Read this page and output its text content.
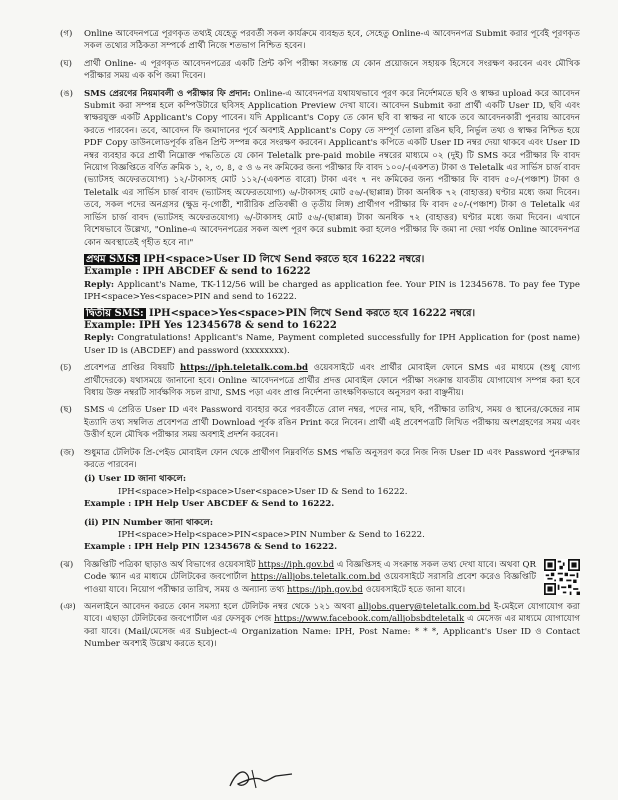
(গ)	Online আবেদনপত্রে পূরণকৃত তথ্যই যেহেতু পরবর্তী সকল কার্যক্রমে ব্যবহৃত হবে, সেহেতু Online-এ আবেদনপত্র Submit করার পূর্বেই পূরণকৃত সকল তথ্যের সঠিকতা সম্পর্কে প্রার্থী নিজে শতভাগ নিশ্চিত হবেন।

(ঘ)	প্রার্থী Online- এ পূরণকৃত আবেদনপত্রের একটি প্রিন্ট কপি পরীক্ষা সংক্রান্ত যে কোন প্রয়োজনে সহায়ক হিসেবে সংরক্ষণ করবেন এবং মৌখিক পরীক্ষার সময় এক কপি জমা দিবেন।

(ঙ)	SMS প্রেরণের নিয়মাবলী ও পরীক্ষার ফি প্রদান: Online-এ আবেদনপত্র যথাযথভাবে পূরণ করে নির্দেশমতে ছবি ও স্বাক্ষর upload করে আবেদন Submit করা সম্পন্ন হলে কম্পিউটারে ছবিসহ Application Preview দেখা যাবে। আবেদন Submit করা প্রার্থী একটি User ID, ছবি এবং স্বাক্ষরযুক্ত একটি Applicant's Copy পাবেন। যদি Applicant's Copy তে কোন ছবি বা স্বাক্ষর না থাকে তবে আবেদনকারী পুনরায় আবেদন করতে পারবেন। তবে, আবেদন ফি জমাদানের পূর্বে অবশ্যই Applicant's Copy তে সম্পূর্ণ তোলা রঙিন ছবি, নির্ভুল তথ্য ও স্বাক্ষর নিশ্চিত হয়ে PDF Copy ডাউনলোডপূর্বক রঙিন প্রিন্ট সম্পন্ন করে সংরক্ষণ করবেন। Applicant's কপিতে একটি User ID নম্বর দেয়া থাকবে এবং User ID নম্বর ব্যবহার করে প্রার্থী নিম্নোক্ত পদ্ধতিতে যে কোন Teletalk pre-paid mobile নম্বরের মাধ্যমে ০২ (দুই) টি SMS করে পরীক্ষার ফি বাবদ নিয়োগ বিজ্ঞপ্তিতে বর্ণিত ক্রমিক ১, ২, ৩, ৪, ৫ ও ৬ নং ক্রমিকের জন্য পরীক্ষার ফি বাবদ ১০০/-(একশত) টাকা ও Teletalk এর সার্ভিস চার্জ বাবদ (ভ্যাটসহ অফেরতযোগ্য) ১২/-টাকাসহ মোট ১১২/-(একশত বারো) টাকা এবং ৭ নং ক্রমিকের জন্য পরীক্ষার ফি বাবদ ৫০/-(পঞ্চাশ) টাকা ও Teletalk এর সার্ভিস চার্জ বাবদ (ভ্যাটসহ অফেরতযোগ্য) ৬/-টাকাসহ মোট ৫৬/-(ছাপ্পান্ন) টাকা অনধিক ৭২ (বাহাত্তর) ঘণ্টার মধ্যে জমা দিবেন। তবে, সকল পদের অনগ্রসর (ক্ষুদ্র নৃ-গোষ্ঠী, শারীরিক প্রতিবন্ধী ও তৃতীয় লিঙ্গ) প্রার্থীগণ পরীক্ষার ফি বাবদ ৫০/-(পঞ্চাশ) টাকা ও Teletalk এর সার্ভিস চার্জ বাবদ (ভ্যাটসহ অফেরতযোগ্য) ৬/-টাকাসহ মোট ৫৬/-(ছাপ্পান্ন) টাকা অনধিক ৭২ (বাহাত্তর) ঘণ্টার মধ্যে জমা দিবেন। এখানে বিশেষভাবে উল্লেখ্য, "Online-এ আবেদনপত্রের সকল অংশ পূরণ করে submit করা হলেও পরীক্ষার ফি জমা না দেয়া পর্যন্ত Online আবেদনপত্র কোন অবস্থাতেই গৃহীত হবে না।"

প্রথম SMS: IPH<space>User ID লিখে Send করতে হবে 16222 নম্বরে।

Example : IPH ABCDEF & send to 16222

Reply: Applicant's Name, TK-112/56 will be charged as application fee. Your PIN is 12345678. To pay fee Type IPH<space>Yes<space>PIN and send to 16222.

দ্বিতীয় SMS: IPH<space>Yes<space>PIN লিখে Send করতে হবে 16222 নম্বরে।

Example: IPH Yes 12345678 & send to 16222

Reply: Congratulations! Applicant's Name, Payment completed successfully for IPH Application for (post name) User ID is (ABCDEF) and password (xxxxxxxx).

(চ)	প্রবেশপত্র প্রাপ্তির বিষয়টি https://iph.teletalk.com.bd ওয়েবসাইটে এবং প্রার্থীর মোবাইল ফোনে SMS এর মাধ্যমে (শুধু যোগ্য প্রার্থীদেরকে) যথাসময়ে জানানো হবে। Online আবেদনপত্রে প্রার্থীর প্রদত্ত মোবাইল ফোনে পরীক্ষা সংক্রান্ত যাবতীয় যোগাযোগ সম্পন্ন করা হবে বিধায় উক্ত নম্বরটি সার্বক্ষণিক সচল রাখা, SMS পড়া এবং প্রাপ্ত নির্দেশনা তাৎক্ষণিকভাবে অনুসরণ করা বাঞ্ছনীয়।

(ছ)	SMS এ প্রেরিত User ID এবং Password ব্যবহার করে পরবর্তীতে রোল নম্বর, পদের নাম, ছবি, পরীক্ষার তারিখ, সময় ও স্থানের/কেন্দ্রের নাম ইত্যাদি তথ্য সম্বলিত প্রবেশপত্র প্রার্থী Download পূর্বক রঙিন Print করে নিবেন। প্রার্থী এই প্রবেশপত্রটি লিখিত পরীক্ষায় অংশগ্রহণের সময় এবং উত্তীর্ণ হলে মৌখিক পরীক্ষার সময় অবশ্যই প্রদর্শন করবেন।

(জ)	শুধুমাত্র টেলিটক প্রি-পেইড মোবাইল ফোন থেকে প্রার্থীগণ নিম্নবর্ণিত SMS পদ্ধতি অনুসরণ করে নিজ নিজ User ID এবং Password পুনরুদ্ধার করতে পারবেন।

(i) User ID জানা থাকলে:

IPH<space>Help<space>User<space>User ID & Send to 16222.

Example : IPH Help User ABCDEF & Send to 16222.

(ii) PIN Number জানা থাকলে:

IPH<space>Help<space>PIN<space>PIN Number & Send to 16222.

Example : IPH Help PIN 12345678 & Send to 16222.

(ঝ)	বিজ্ঞপ্তিটি পত্রিকা ছাড়াও অর্থ বিভাগের ওয়েবসাইট https://iph.gov.bd এ বিজ্ঞপ্তিসহ এ সংক্রান্ত সকল তথ্য দেখা যাবে। অথবা QR Code স্ক্যান এর মাধ্যমে টেলিটকের জবপোর্টাল https://alljobs.teletalk.com.bd ওয়েবসাইটে সরাসরি প্রবেশ করেও বিজ্ঞপ্তিটি পাওয়া যাবে। নিয়োগ পরীক্ষার তারিখ, সময় ও অন্যান্য তথ্য https://iph.gov.bd ওয়েবসাইটে হতে জানা যাবে।

(ঞ) অনলাইনে আবেদন করতে কোন সমস্যা হলে টেলিটক নম্বর থেকে ১২১ অথবা alljobs.query@teletalk.com.bd ই-মেইলে যোগাযোগ করা যাবে। এছাড়া টেলিটকের জবপোর্টাল এর ফেসবুক পেজ https://www.facebook.com/alljobsbdteletalk এ মেসেজ এর মাধ্যমে যোগাযোগ করা যাবে। (Mail/মেসেজ এর Subject-এ Organization Name: IPH, Post Name: * * *, Applicant's User ID ও Contact Number অবশ্যই উল্লেখ করতে হবে)।
